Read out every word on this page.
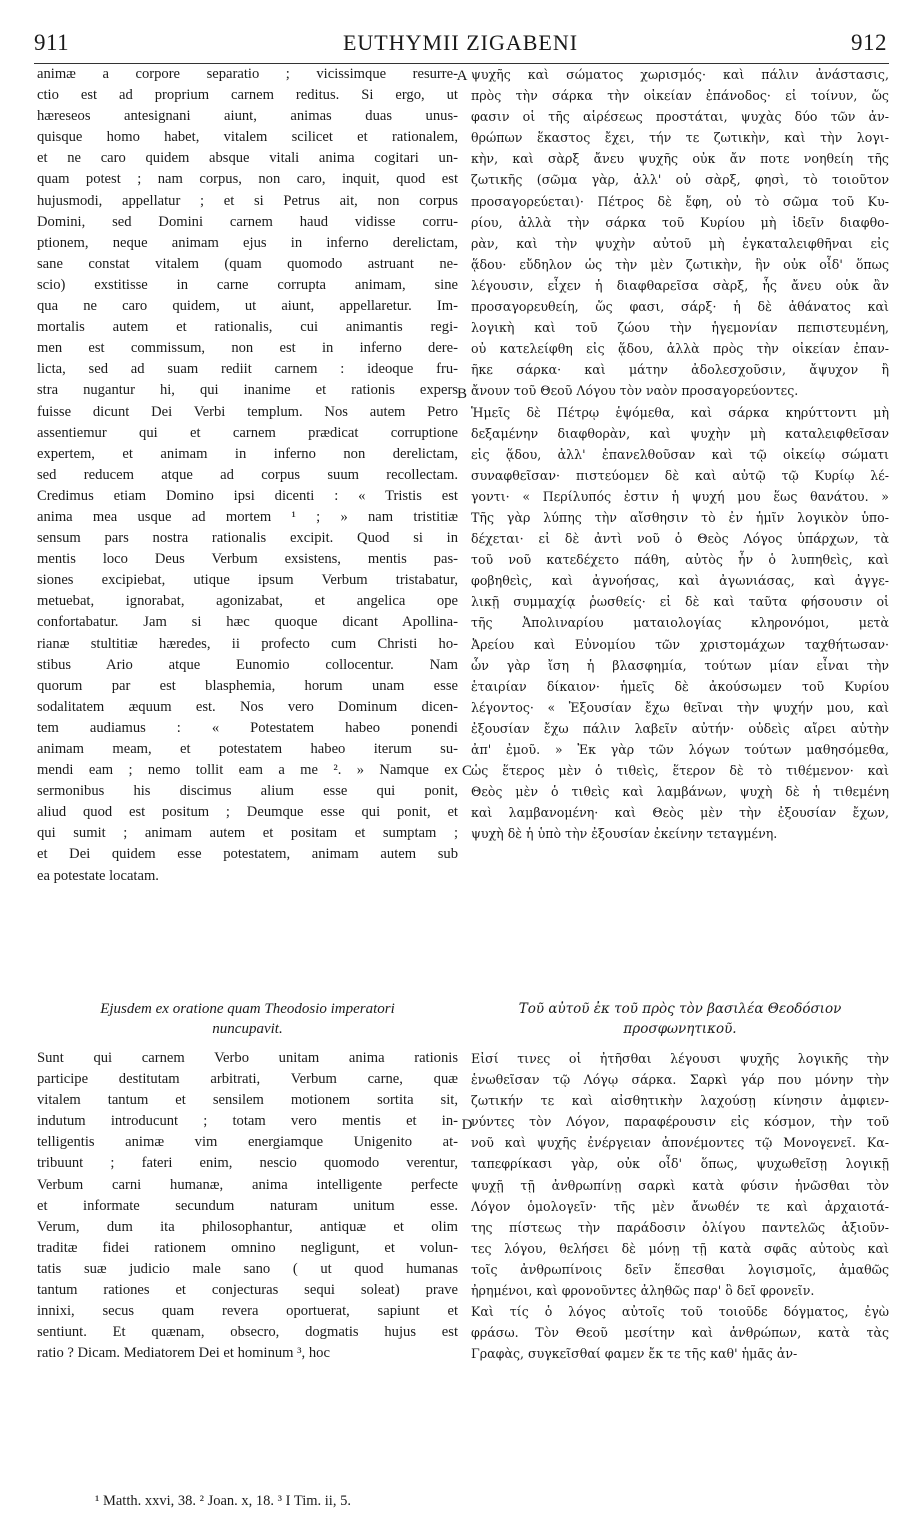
EUTHYMII ZIGABENI
911	912
A
B
C
D
animæ a corpore separatio ; vicissimque resurre-
ctio est ad proprium carnem reditus. Si ergo, ut
hæreseos antesignani aiunt, animas duas unus-
quisque homo habet, vitalem scilicet et rationalem,
et ne caro quidem absque vitali anima cogitari un-
quam potest ; nam corpus, non caro, inquit, quod est
hujusmodi, appellatur ; et si Petrus ait, non corpus
Domini, sed Domini carnem haud vidisse corru-
ptionem, neque animam ejus in inferno derelictam,
sane constat vitalem (quam quomodo astruant ne-
scio) exstitisse in carne corrupta animam, sine
qua ne caro quidem, ut aiunt, appellaretur. Im-
mortalis autem et rationalis, cui animantis regi-
men est commissum, non est in inferno dere-
licta, sed ad suam rediit carnem : ideoque fru-
stra nugantur hi, qui inanime et rationis expers
fuisse dicunt Dei Verbi templum. Nos autem Petro
assentiemur qui et carnem prædicat corruptione
expertem, et animam in inferno non derelictam,
sed reducem atque ad corpus suum recollectam.
Credimus etiam Domino ipsi dicenti : « Tristis est
anima mea usque ad mortem ¹ ; » nam tristitiæ
sensum pars nostra rationalis excipit. Quod si in
mentis loco Deus Verbum exsistens, mentis pas-
siones excipiebat, utique ipsum Verbum tristabatur,
metuebat, ignorabat, agonizabat, et angelica ope
confortabatur. Jam si hæc quoque dicant Apollina-
rianæ stultitiæ hæredes, ii profecto cum Christi ho-
stibus Ario atque Eunomio collocentur. Nam
quorum par est blasphemia, horum unam esse
sodalitatem æquum est. Nos vero Dominum dicen-
tem audiamus : « Potestatem habeo ponendi
animam meam, et potestatem habeo iterum su-
mendi eam ; nemo tollit eam a me ². » Namque ex
sermonibus his discimus alium esse qui ponit,
aliud quod est positum ; Deumque esse qui ponit, et
qui sumit ; animam autem et positam et sumptam ;
et Dei quidem esse potestatem, animam autem sub
ea potestate locatam.
ψυχῆς καὶ σώματος χωρισμός· καὶ πάλιν ἀνάστασις,
πρὸς τὴν σάρκα τὴν οἰκείαν ἐπάνοδος· εἰ τοίνυν, ὥς
φασιν οἱ τῆς αἱρέσεως προστάται, ψυχὰς δύο τῶν ἀν-
θρώπων ἕκαστος ἔχει, τήν τε ζωτικὴν, καὶ τὴν λογι-
κὴν, καὶ σὰρξ ἄνευ ψυχῆς οὐκ ἄν ποτε νοηθείη τῆς
ζωτικῆς (σῶμα γὰρ, ἀλλ' οὐ σὰρξ, φησὶ, τὸ τοιοῦτον
προσαγορεύεται)· Πέτρος δὲ ἔφη, οὐ τὸ σῶμα τοῦ Κυ-
ρίου, ἀλλὰ τὴν σάρκα τοῦ Κυρίου μὴ ἰδεῖν διαφθο-
ρὰν, καὶ τὴν ψυχὴν αὐτοῦ μὴ ἐγκαταλειφθῆναι εἰς
ᾅδου· εὔδηλον ὡς τὴν μὲν ζωτικὴν, ἣν οὐκ οἶδ' ὅπως
λέγουσιν, εἶχεν ἡ διαφθαρεῖσα σὰρξ, ἧς ἄνευ οὐκ ἂν
προσαγορευθείη, ὥς φασι, σάρξ· ἡ δὲ ἀθάνατος καὶ
λογικὴ καὶ τοῦ ζώου τὴν ἡγεμονίαν πεπιστευμένη,
οὐ κατελείφθη εἰς ᾅδου, ἀλλὰ πρὸς τὴν οἰκείαν ἐπαν-
ῆκε σάρκα· καὶ μάτην ἀδολεσχοῦσιν, ἄψυχον ἢ
ἄνουν τοῦ Θεοῦ Λόγου τὸν ναὸν προσαγορεύοντες.
Ἡμεῖς δὲ Πέτρῳ ἑψόμεθα, καὶ σάρκα κηρύττοντι μὴ
δεξαμένην διαφθορὰν, καὶ ψυχὴν μὴ καταλειφθεῖσαν
εἰς ᾅδου, ἀλλ' ἐπανελθοῦσαν καὶ τῷ οἰκείῳ σώματι
συναφθεῖσαν· πιστεύομεν δὲ καὶ αὐτῷ τῷ Κυρίῳ λέ-
γοντι· « Περίλυπός ἐστιν ἡ ψυχή μου ἕως θανάτου. »
Τῆς γὰρ λύπης τὴν αἴσθησιν τὸ ἐν ἡμῖν λογικὸν ὑπο-
δέχεται· εἰ δὲ ἀντὶ νοῦ ὁ Θεὸς Λόγος ὑπάρχων, τὰ
τοῦ νοῦ κατεδέχετο πάθη, αὐτὸς ἦν ὁ λυπηθεὶς, καὶ
φοβηθεὶς, καὶ ἀγνοήσας, καὶ ἀγωνιάσας, καὶ ἀγγε-
λικῇ συμμαχίᾳ ῥωσθείς· εἰ δὲ καὶ ταῦτα φήσουσιν οἱ
τῆς Ἀπολιναρίου ματαιολογίας κληρονόμοι, μετὰ
Ἀρείου καὶ Εὐνομίου τῶν χριστομάχων ταχθήτωσαν·
ὧν γὰρ ἴση ἡ βλασφημία, τούτων μίαν εἶναι τὴν
ἑταιρίαν δίκαιον· ἡμεῖς δὲ ἀκούσωμεν τοῦ Κυρίου
λέγοντος· « Ἐξουσίαν ἔχω θεῖναι τὴν ψυχήν μου, καὶ
ἐξουσίαν ἔχω πάλιν λαβεῖν αὐτήν· οὐδεὶς αἴρει αὐτὴν
ἀπ' ἐμοῦ. » Ἐκ γὰρ τῶν λόγων τούτων μαθησόμεθα,
ὡς ἕτερος μὲν ὁ τιθεὶς, ἕτερον δὲ τὸ τιθέμενον· καὶ
Θεὸς μὲν ὁ τιθεὶς καὶ λαμβάνων, ψυχὴ δὲ ἡ τιθεμένη
καὶ λαμβανομένη· καὶ Θεὸς μὲν τὴν ἐξουσίαν ἔχων,
ψυχὴ δὲ ἡ ὑπὸ τὴν ἐξουσίαν ἐκείνην τεταγμένη.
Ejusdem ex oratione quam Theodosio imperatori
nuncupavit.
Τοῦ αὐτοῦ ἐκ τοῦ πρὸς τὸν βασιλέα Θεοδόσιον
προσφωνητικοῦ.
Sunt qui carnem Verbo unitam anima rationis
participe destitutam arbitrati, Verbum carne, quæ
vitalem tantum et sensilem motionem sortita sit,
indutum introducunt ; totam vero mentis et in-
telligentis animæ vim energiamque Unigenito at-
tribuunt ; fateri enim, nescio quomodo verentur,
Verbum carni humanæ, anima intelligente perfecte
et informate secundum naturam unitum esse.
Verum, dum ita philosophantur, antiquæ et olim
traditæ fidei rationem omnino negligunt, et volun-
tatis suæ judicio male sano ( ut quod humanas
tantum rationes et conjecturas sequi soleat) prave
innixi, secus quam revera oportuerat, sapiunt et
sentiunt. Et quænam, obsecro, dogmatis hujus est
ratio ? Dicam. Mediatorem Dei et hominum ³, hoc
Εἰσί τινες οἱ ἠτῆσθαι λέγουσι ψυχῆς λογικῆς τὴν
ἑνωθεῖσαν τῷ Λόγῳ σάρκα. Σαρκὶ γάρ που μόνην τὴν
ζωτικήν τε καὶ αἰσθητικὴν λαχούσῃ κίνησιν ἀμφιεν-
νύντες τὸν Λόγον, παραφέρουσιν εἰς κόσμον, τὴν τοῦ
νοῦ καὶ ψυχῆς ἐνέργειαν ἀπονέμοντες τῷ Μονογενεῖ. Κα-
ταπεφρίκασι γὰρ, οὐκ οἶδ' ὅπως, ψυχωθεῖσῃ λογικῇ
ψυχῇ τῇ ἀνθρωπίνῃ σαρκὶ κατὰ φύσιν ἡνῶσθαι τὸν
Λόγον ὁμολογεῖν· τῆς μὲν ἄνωθέν τε καὶ ἀρχαιοτά-
της πίστεως τὴν παράδοσιν ὀλίγου παντελῶς ἀξιοῦν-
τες λόγου, θελήσει δὲ μόνῃ τῇ κατὰ σφᾶς αὐτοὺς καὶ
τοῖς ἀνθρωπίνοις δεῖν ἕπεσθαι λογισμοῖς, ἀμαθῶς
ἠρημένοι, καὶ φρονοῦντες ἀληθῶς παρ' ὃ δεῖ φρονεῖν.
Καὶ τίς ὁ λόγος αὐτοῖς τοῦ τοιοῦδε δόγματος, ἐγὼ
φράσω. Τὸν Θεοῦ μεσίτην καὶ ἀνθρώπων, κατὰ τὰς
Γραφὰς, συγκεῖσθαί φαμεν ἔκ τε τῆς καθ' ἡμᾶς ἀν-
¹ Matth. xxvi, 38. ² Joan. x, 18. ³ I Tim. ii, 5.
